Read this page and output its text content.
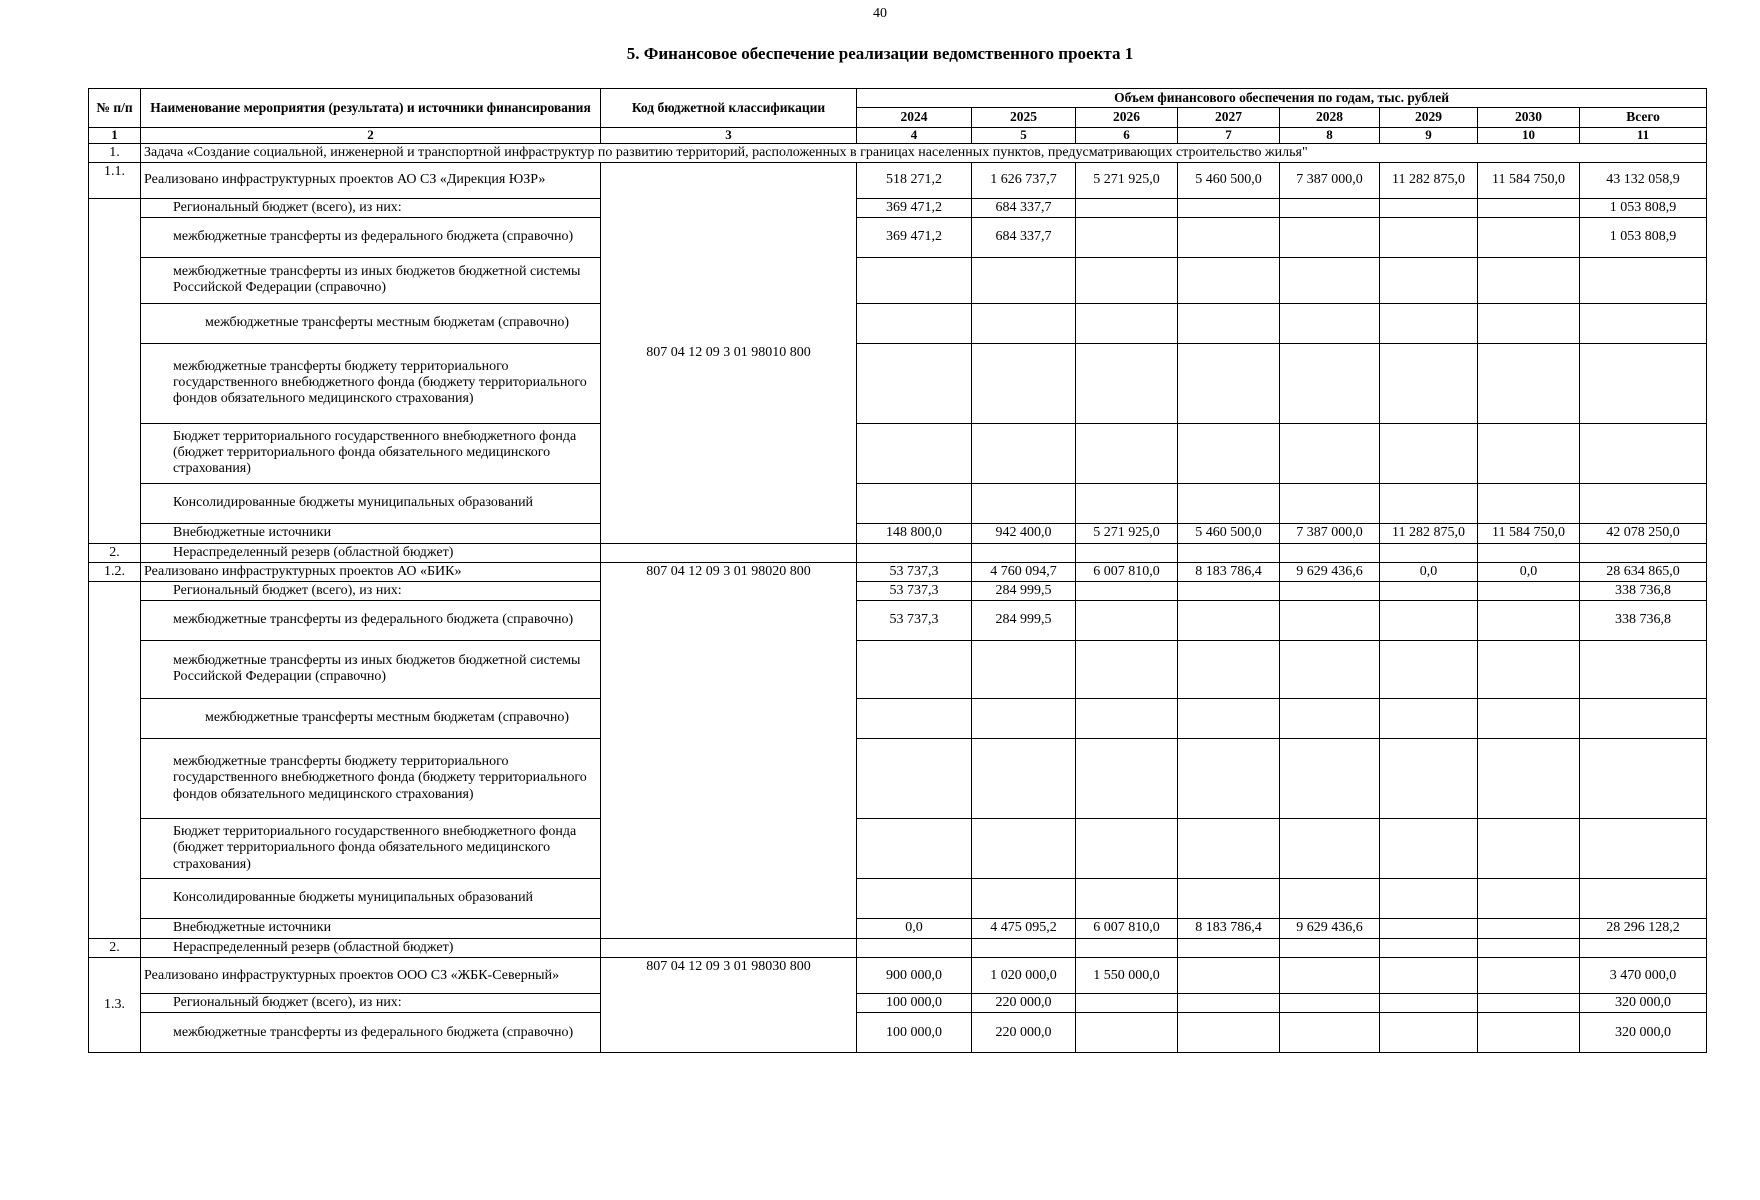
40
5. Финансовое обеспечение реализации ведомственного проекта 1
№ п/п	Наименование мероприятия (результата) и источники финансирования	Код бюджетной классификации	Объем финансового обеспечения по годам, тыс. рублей							
			2024	2025	2026	2027	2028	2029	2030	Всего
1	2	3	4	5	6	7	8	9	10	11
1.	Задача «Создание социальной, инженерной и транспортной инфраструктур по развитию территорий, расположенных в границах населенных пунктов, предусматривающих строительство жилья"									
1.1.	Реализовано инфраструктурных проектов АО СЗ «Дирекция ЮЗР»	807 04 12 09 3 01 98010 800	518 271,2	1 626 737,7	5 271 925,0	5 460 500,0	7 387 000,0	11 282 875,0	11 584 750,0	43 132 058,9
	Региональный бюджет (всего), из них:		369 471,2	684 337,7						1 053 808,9
	межбюджетные трансферты из федерального бюджета (справочно)		369 471,2	684 337,7						1 053 808,9
	межбюджетные трансферты из иных бюджетов бюджетной системы Российской Федерации (справочно)									
	межбюджетные трансферты местным бюджетам (справочно)									
	межбюджетные трансферты бюджету территориального государственного внебюджетного фонда (бюджету территориального фондов обязательного медицинского страхования)									
	Бюджет территориального государственного внебюджетного фонда (бюджет территориального фонда обязательного медицинского страхования)									
	Консолидированные бюджеты муниципальных образований									
	Внебюджетные источники		148 800,0	942 400,0	5 271 925,0	5 460 500,0	7 387 000,0	11 282 875,0	11 584 750,0	42 078 250,0
2.	Нераспределенный резерв (областной бюджет)									
1.2.	Реализовано инфраструктурных проектов АО «БИК»	807 04 12 09 3 01 98020 800	53 737,3	4 760 094,7	6 007 810,0	8 183 786,4	9 629 436,6	0,0	0,0	28 634 865,0
	Региональный бюджет (всего), из них:		53 737,3	284 999,5						338 736,8
	межбюджетные трансферты из федерального бюджета (справочно)		53 737,3	284 999,5						338 736,8
	межбюджетные трансферты из иных бюджетов бюджетной системы Российской Федерации (справочно)									
	межбюджетные трансферты местным бюджетам (справочно)									
	межбюджетные трансферты бюджету территориального государственного внебюджетного фонда (бюджету территориального фондов обязательного медицинского страхования)									
	Бюджет территориального государственного внебюджетного фонда (бюджет территориального фонда обязательного медицинского страхования)									
	Консолидированные бюджеты муниципальных образований									
	Внебюджетные источники		0,0	4 475 095,2	6 007 810,0	8 183 786,4	9 629 436,6			28 296 128,2
2.	Нераспределенный резерв (областной бюджет)									
1.3.	Реализовано инфраструктурных проектов ООО СЗ «ЖБК-Северный»	807 04 12 09 3 01 98030 800	900 000,0	1 020 000,0	1 550 000,0					3 470 000,0
	Региональный бюджет (всего), из них:		100 000,0	220 000,0						320 000,0
	межбюджетные трансферты из федерального бюджета (справочно)		100 000,0	220 000,0						320 000,0
